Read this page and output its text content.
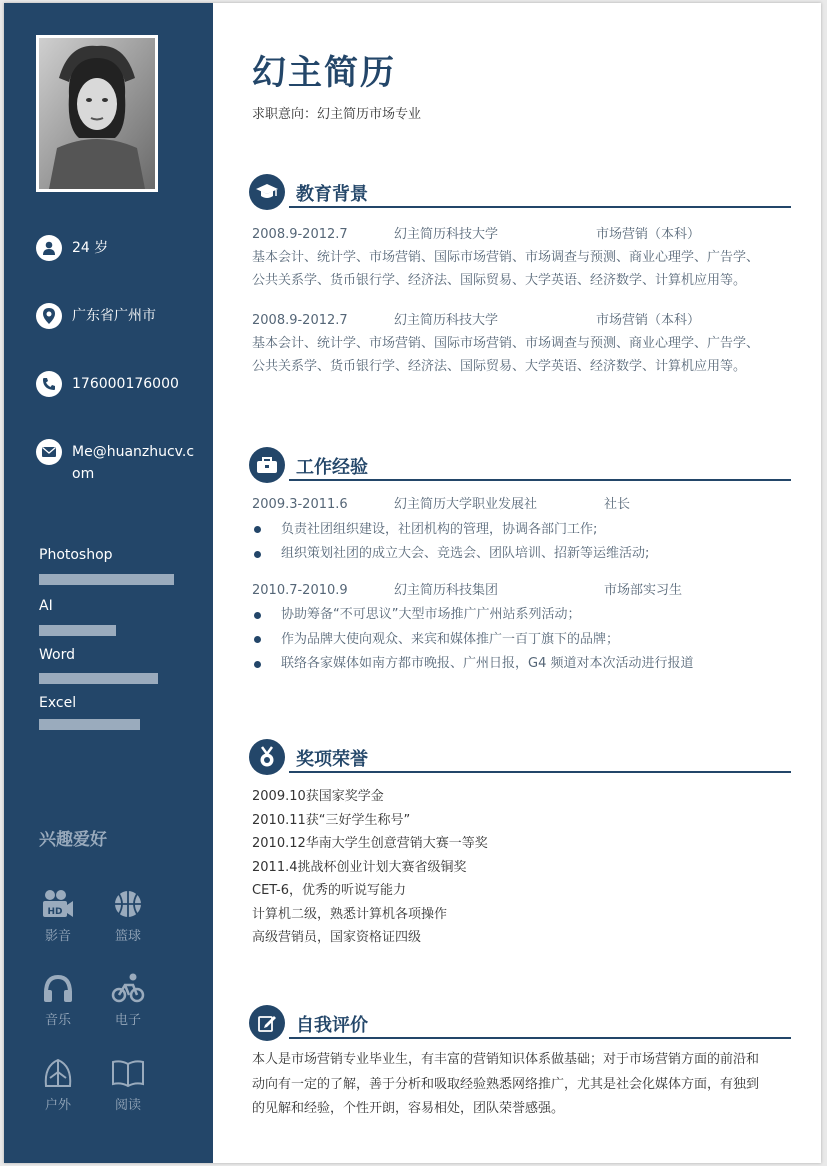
24 岁
广东省广州市
176000176000
Me@huanzhucv.com
Photoshop
AI
Word
Excel
兴趣爱好
HD
影音	篮球
音乐	电子
户外	阅读
幻主简历
求职意向：幻主简历市场专业
教育背景
2008.9-2012.7	幻主简历科技大学	市场营销（本科）
基本会计、统计学、市场营销、国际市场营销、市场调查与预测、商业心理学、广告学、
公共关系学、货币银行学、经济法、国际贸易、大学英语、经济数学、计算机应用等。
2008.9-2012.7	幻主简历科技大学	市场营销（本科）
基本会计、统计学、市场营销、国际市场营销、市场调查与预测、商业心理学、广告学、
公共关系学、货币银行学、经济法、国际贸易、大学英语、经济数学、计算机应用等。
工作经验
2009.3-2011.6	幻主简历大学职业发展社	社长
负责社团组织建设，社团机构的管理，协调各部门工作;
组织策划社团的成立大会、竞选会、团队培训、招新等运维活动;
2010.7-2010.9	幻主简历科技集团	市场部实习生
协助筹备“不可思议”大型市场推广广州站系列活动；
作为品牌大使向观众、来宾和媒体推广一百丁旗下的品牌；
联络各家媒体如南方都市晚报、广州日报，G4 频道对本次活动进行报道
奖项荣誉
2009.10获国家奖学金
2010.11获“三好学生称号”
2010.12华南大学生创意营销大赛一等奖
2011.4挑战杯创业计划大赛省级铜奖
CET-6，优秀的听说写能力
计算机二级，熟悉计算机各项操作
高级营销员，国家资格证四级
自我评价
本人是市场营销专业毕业生，有丰富的营销知识体系做基础；对于市场营销方面的前沿和
动向有一定的了解，善于分析和吸取经验熟悉网络推广，尤其是社会化媒体方面，有独到
的见解和经验，个性开朗，容易相处，团队荣誉感强。
